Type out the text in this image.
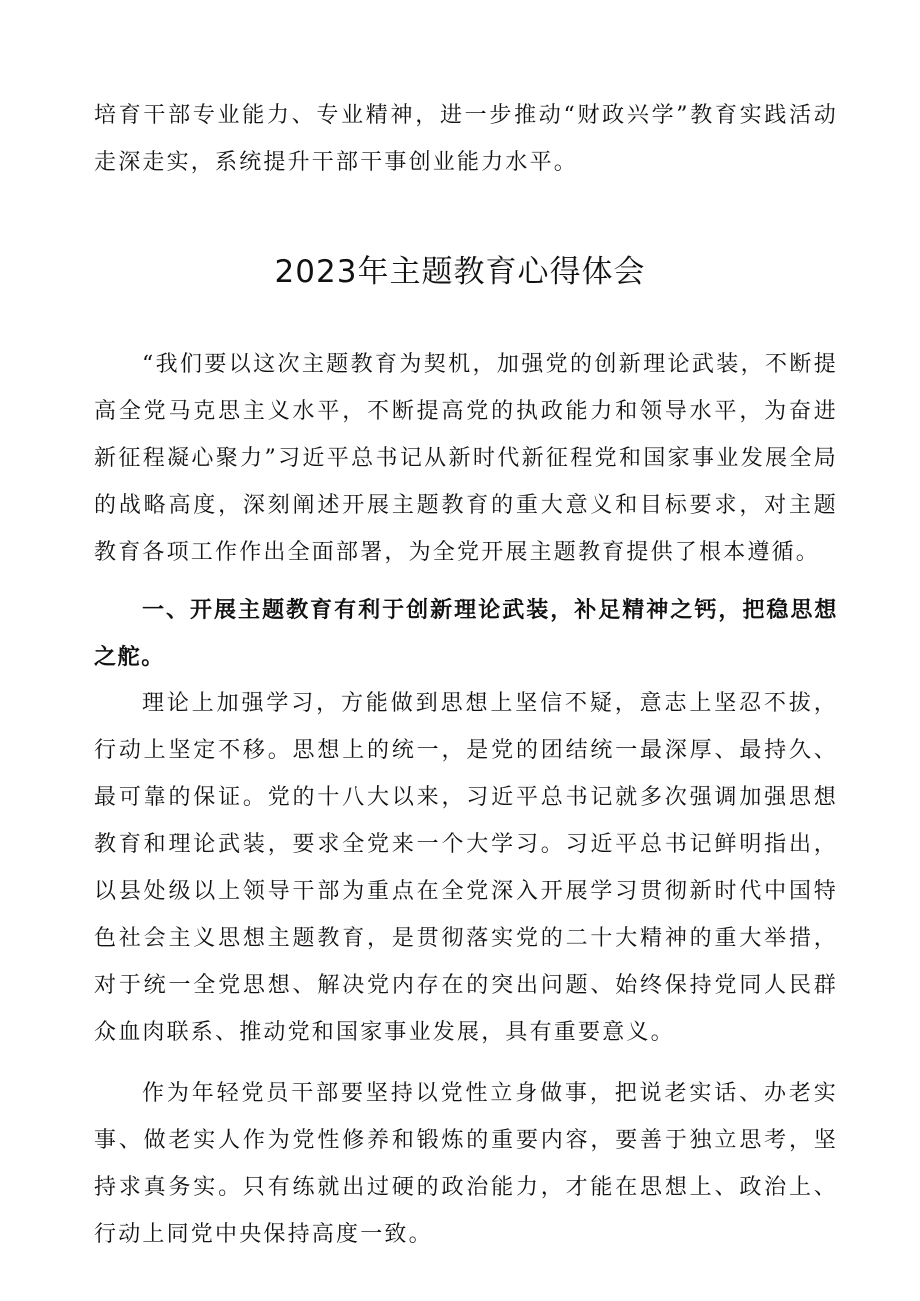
培育干部专业能力、专业精神，进一步推动“财政兴学”教育实践活动走深走实，系统提升干部干事创业能力水平。

2023年主题教育心得体会

“我们要以这次主题教育为契机，加强党的创新理论武装，不断提高全党马克思主义水平，不断提高党的执政能力和领导水平，为奋进新征程凝心聚力”习近平总书记从新时代新征程党和国家事业发展全局的战略高度，深刻阐述开展主题教育的重大意义和目标要求，对主题教育各项工作作出全面部署，为全党开展主题教育提供了根本遵循。

一、开展主题教育有利于创新理论武装，补足精神之钙，把稳思想之舵。

理论上加强学习，方能做到思想上坚信不疑，意志上坚忍不拔，行动上坚定不移。思想上的统一，是党的团结统一最深厚、最持久、最可靠的保证。党的十八大以来，习近平总书记就多次强调加强思想教育和理论武装，要求全党来一个大学习。习近平总书记鲜明指出，以县处级以上领导干部为重点在全党深入开展学习贯彻新时代中国特色社会主义思想主题教育，是贯彻落实党的二十大精神的重大举措，对于统一全党思想、解决党内存在的突出问题、始终保持党同人民群众血肉联系、推动党和国家事业发展，具有重要意义。

作为年轻党员干部要坚持以党性立身做事，把说老实话、办老实事、做老实人作为党性修养和锻炼的重要内容，要善于独立思考，坚持求真务实。只有练就出过硬的政治能力，才能在思想上、政治上、行动上同党中央保持高度一致。
